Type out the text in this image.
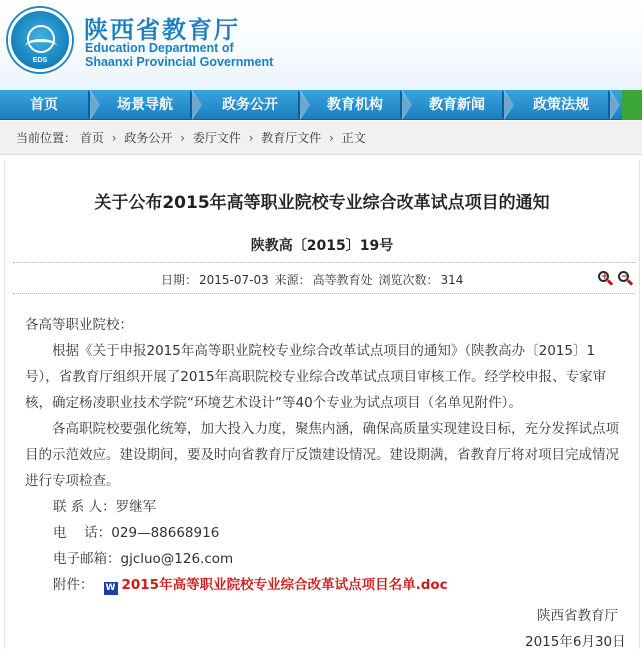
EDS
陕西省教育厅
Education Department of
Shaanxi Provincial Government
首页	场景导航	政务公开	教育机构	教育新闻	政策法规
当前位置： 首页 › 政务公开 › 委厅文件 › 教育厅文件 › 正文
关于公布2015年高等职业院校专业综合改革试点项目的通知
陕教高〔2015〕19号
日期： 2015-07-03 来源： 高等教育处 浏览次数： 314	+ −
各高等职业院校：
根据《关于申报2015年高等职业院校专业综合改革试点项目的通知》（陕教高办〔2015〕1号），省教育厅组织开展了2015年高职院校专业综合改革试点项目审核工作。经学校申报、专家审核，确定杨凌职业技术学院“环境艺术设计”等40个专业为试点项目（名单见附件）。
各高职院校要强化统筹，加大投入力度，聚焦内涵，确保高质量实现建设目标，充分发挥试点项目的示范效应。建设期间，要及时向省教育厅反馈建设情况。建设期满，省教育厅将对项目完成情况进行专项检查。
联 系 人：罗继军
电　 话：029—88668916
电子邮箱：gjcluo@126.com
附件： W 2015年高等职业院校专业综合改革试点项目名单.doc
陕西省教育厅
2015年6月30日
